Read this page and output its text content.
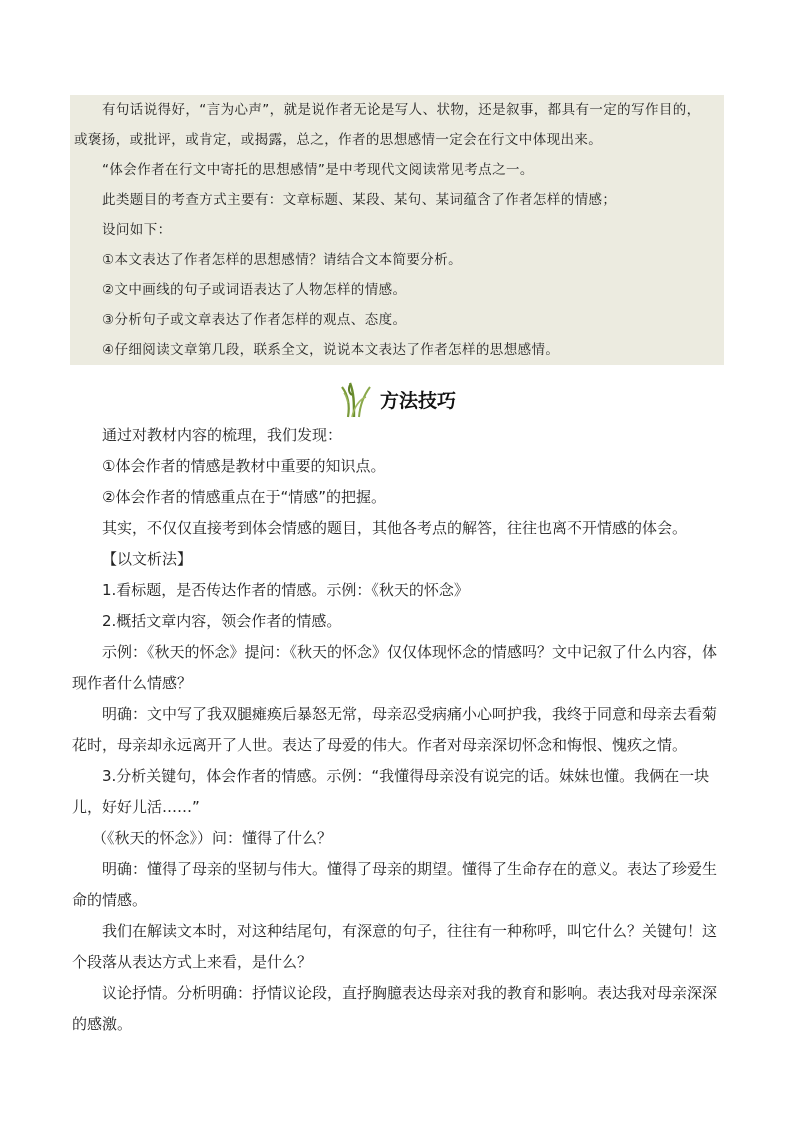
有句话说得好，“言为心声”，就是说作者无论是写人、状物，还是叙事，都具有一定的写作目的，

或褒扬，或批评，或肯定，或揭露，总之，作者的思想感情一定会在行文中体现出来。

“体会作者在行文中寄托的思想感情”是中考现代文阅读常见考点之一。

此类题目的考查方式主要有：文章标题、某段、某句、某词蕴含了作者怎样的情感；

设问如下：

①本文表达了作者怎样的思想感情？请结合文本简要分析。

②文中画线的句子或词语表达了人物怎样的情感。

③分析句子或文章表达了作者怎样的观点、态度。

④仔细阅读文章第几段，联系全文，说说本文表达了作者怎样的思想感情。

方法技巧

通过对教材内容的梳理，我们发现：

①体会作者的情感是教材中重要的知识点。

②体会作者的情感重点在于“情感”的把握。

其实，不仅仅直接考到体会情感的题目，其他各考点的解答，往往也离不开情感的体会。

【以文析法】

1.看标题，是否传达作者的情感。示例：《秋天的怀念》

2.概括文章内容，领会作者的情感。

示例：《秋天的怀念》提问：《秋天的怀念》仅仅体现怀念的情感吗？文中记叙了什么内容，体现作者什么情感？

明确：文中写了我双腿瘫痪后暴怒无常，母亲忍受病痛小心呵护我，我终于同意和母亲去看菊花时，母亲却永远离开了人世。表达了母爱的伟大。作者对母亲深切怀念和悔恨、愧疚之情。

3.分析关键句，体会作者的情感。示例：“我懂得母亲没有说完的话。妹妹也懂。我俩在一块儿，好好儿活……”

（《秋天的怀念》）问：懂得了什么？

明确：懂得了母亲的坚韧与伟大。懂得了母亲的期望。懂得了生命存在的意义。表达了珍爱生命的情感。

我们在解读文本时，对这种结尾句，有深意的句子，往往有一种称呼，叫它什么？关键句！这个段落从表达方式上来看，是什么？

议论抒情。分析明确：抒情议论段，直抒胸臆表达母亲对我的教育和影响。表达我对母亲深深的感激。
